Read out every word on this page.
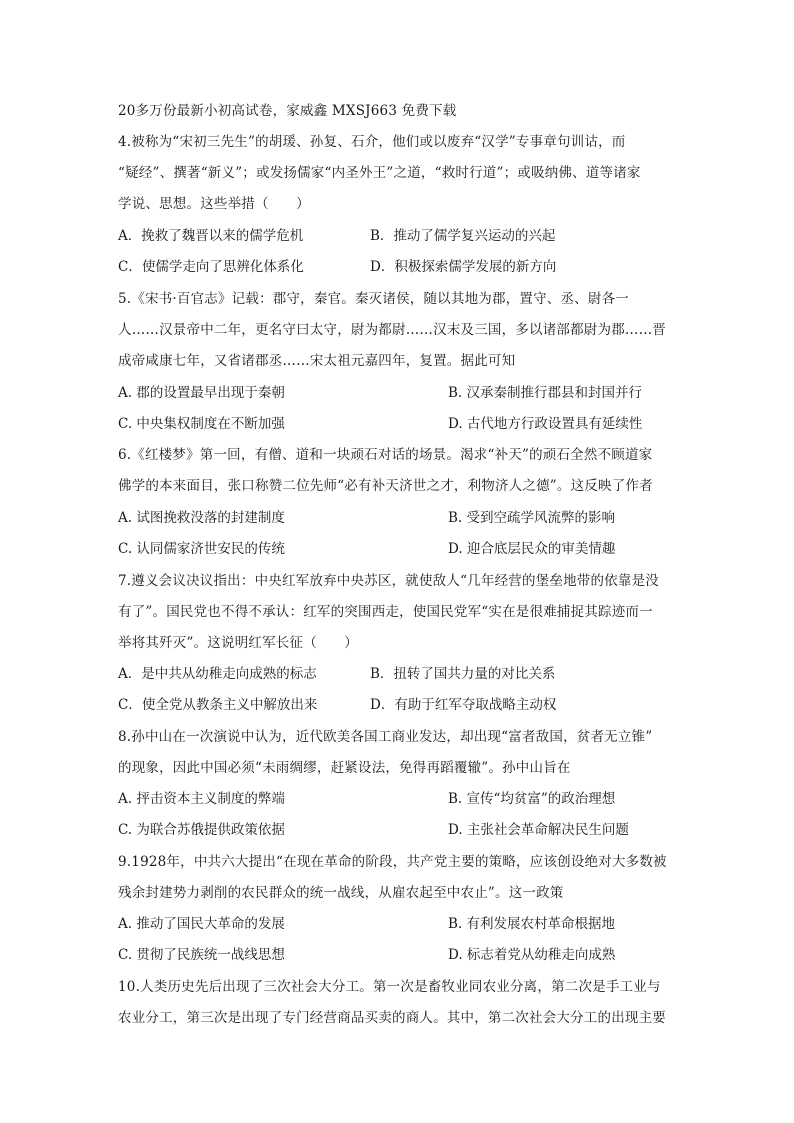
20多万份最新小初高试卷，家威鑫 MXSJ663 免费下载
4.被称为“宋初三先生”的胡瑗、孙复、石介，他们或以废弃“汉学”专事章句训诂，而
“疑经”、撰著“新义”；或发扬儒家“内圣外王”之道，“救时行道”；或吸纳佛、道等诸家
学说、思想。这些举措（　　）
A．挽救了魏晋以来的儒学危机	B．推动了儒学复兴运动的兴起
C．使儒学走向了思辨化体系化	D．积极探索儒学发展的新方向
5.《宋书·百官志》记载：郡守，秦官。秦灭诸侯，随以其地为郡，置守、丞、尉各一
人……汉景帝中二年，更名守曰太守，尉为都尉……汉末及三国，多以诸部都尉为郡……晋
成帝咸康七年，又省诸郡丞……宋太祖元嘉四年，复置。据此可知
A. 郡的设置最早出现于秦朝	B. 汉承秦制推行郡县和封国并行
C. 中央集权制度在不断加强	D. 古代地方行政设置具有延续性
6.《红楼梦》第一回，有僧、道和一块顽石对话的场景。渴求“补天”的顽石全然不顾道家
佛学的本来面目，张口称赞二位先师“必有补天济世之才，利物济人之德”。这反映了作者
A. 试图挽救没落的封建制度	B. 受到空疏学风流弊的影响
C. 认同儒家济世安民的传统	D. 迎合底层民众的审美情趣
7.遵义会议决议指出：中央红军放弃中央苏区，就使敌人“几年经营的堡垒地带的依靠是没
有了”。国民党也不得不承认：红军的突围西走，使国民党军“实在是很难捕捉其踪迹而一
举将其歼灭”。这说明红军长征（　　）
A．是中共从幼稚走向成熟的标志	B．扭转了国共力量的对比关系
C．使全党从教条主义中解放出来	D．有助于红军夺取战略主动权
8.孙中山在一次演说中认为，近代欧美各国工商业发达，却出现“富者敌国，贫者无立锥”
的现象，因此中国必须“未雨绸缪，赶紧设法，免得再蹈覆辙”。孙中山旨在
A. 抨击资本主义制度的弊端	B. 宣传“均贫富”的政治理想
C. 为联合苏俄提供政策依据	D. 主张社会革命解决民生问题
9.1928年，中共六大提出“在现在革命的阶段，共产党主要的策略，应该创设绝对大多数被
残余封建势力剥削的农民群众的统一战线，从雇农起至中农止”。这一政策
A. 推动了国民大革命的发展	B. 有利发展农村革命根据地
C. 贯彻了民族统一战线思想	D. 标志着党从幼稚走向成熟
10.人类历史先后出现了三次社会大分工。第一次是畜牧业同农业分离，第二次是手工业与
农业分工，第三次是出现了专门经营商品买卖的商人。其中，第二次社会大分工的出现主要
